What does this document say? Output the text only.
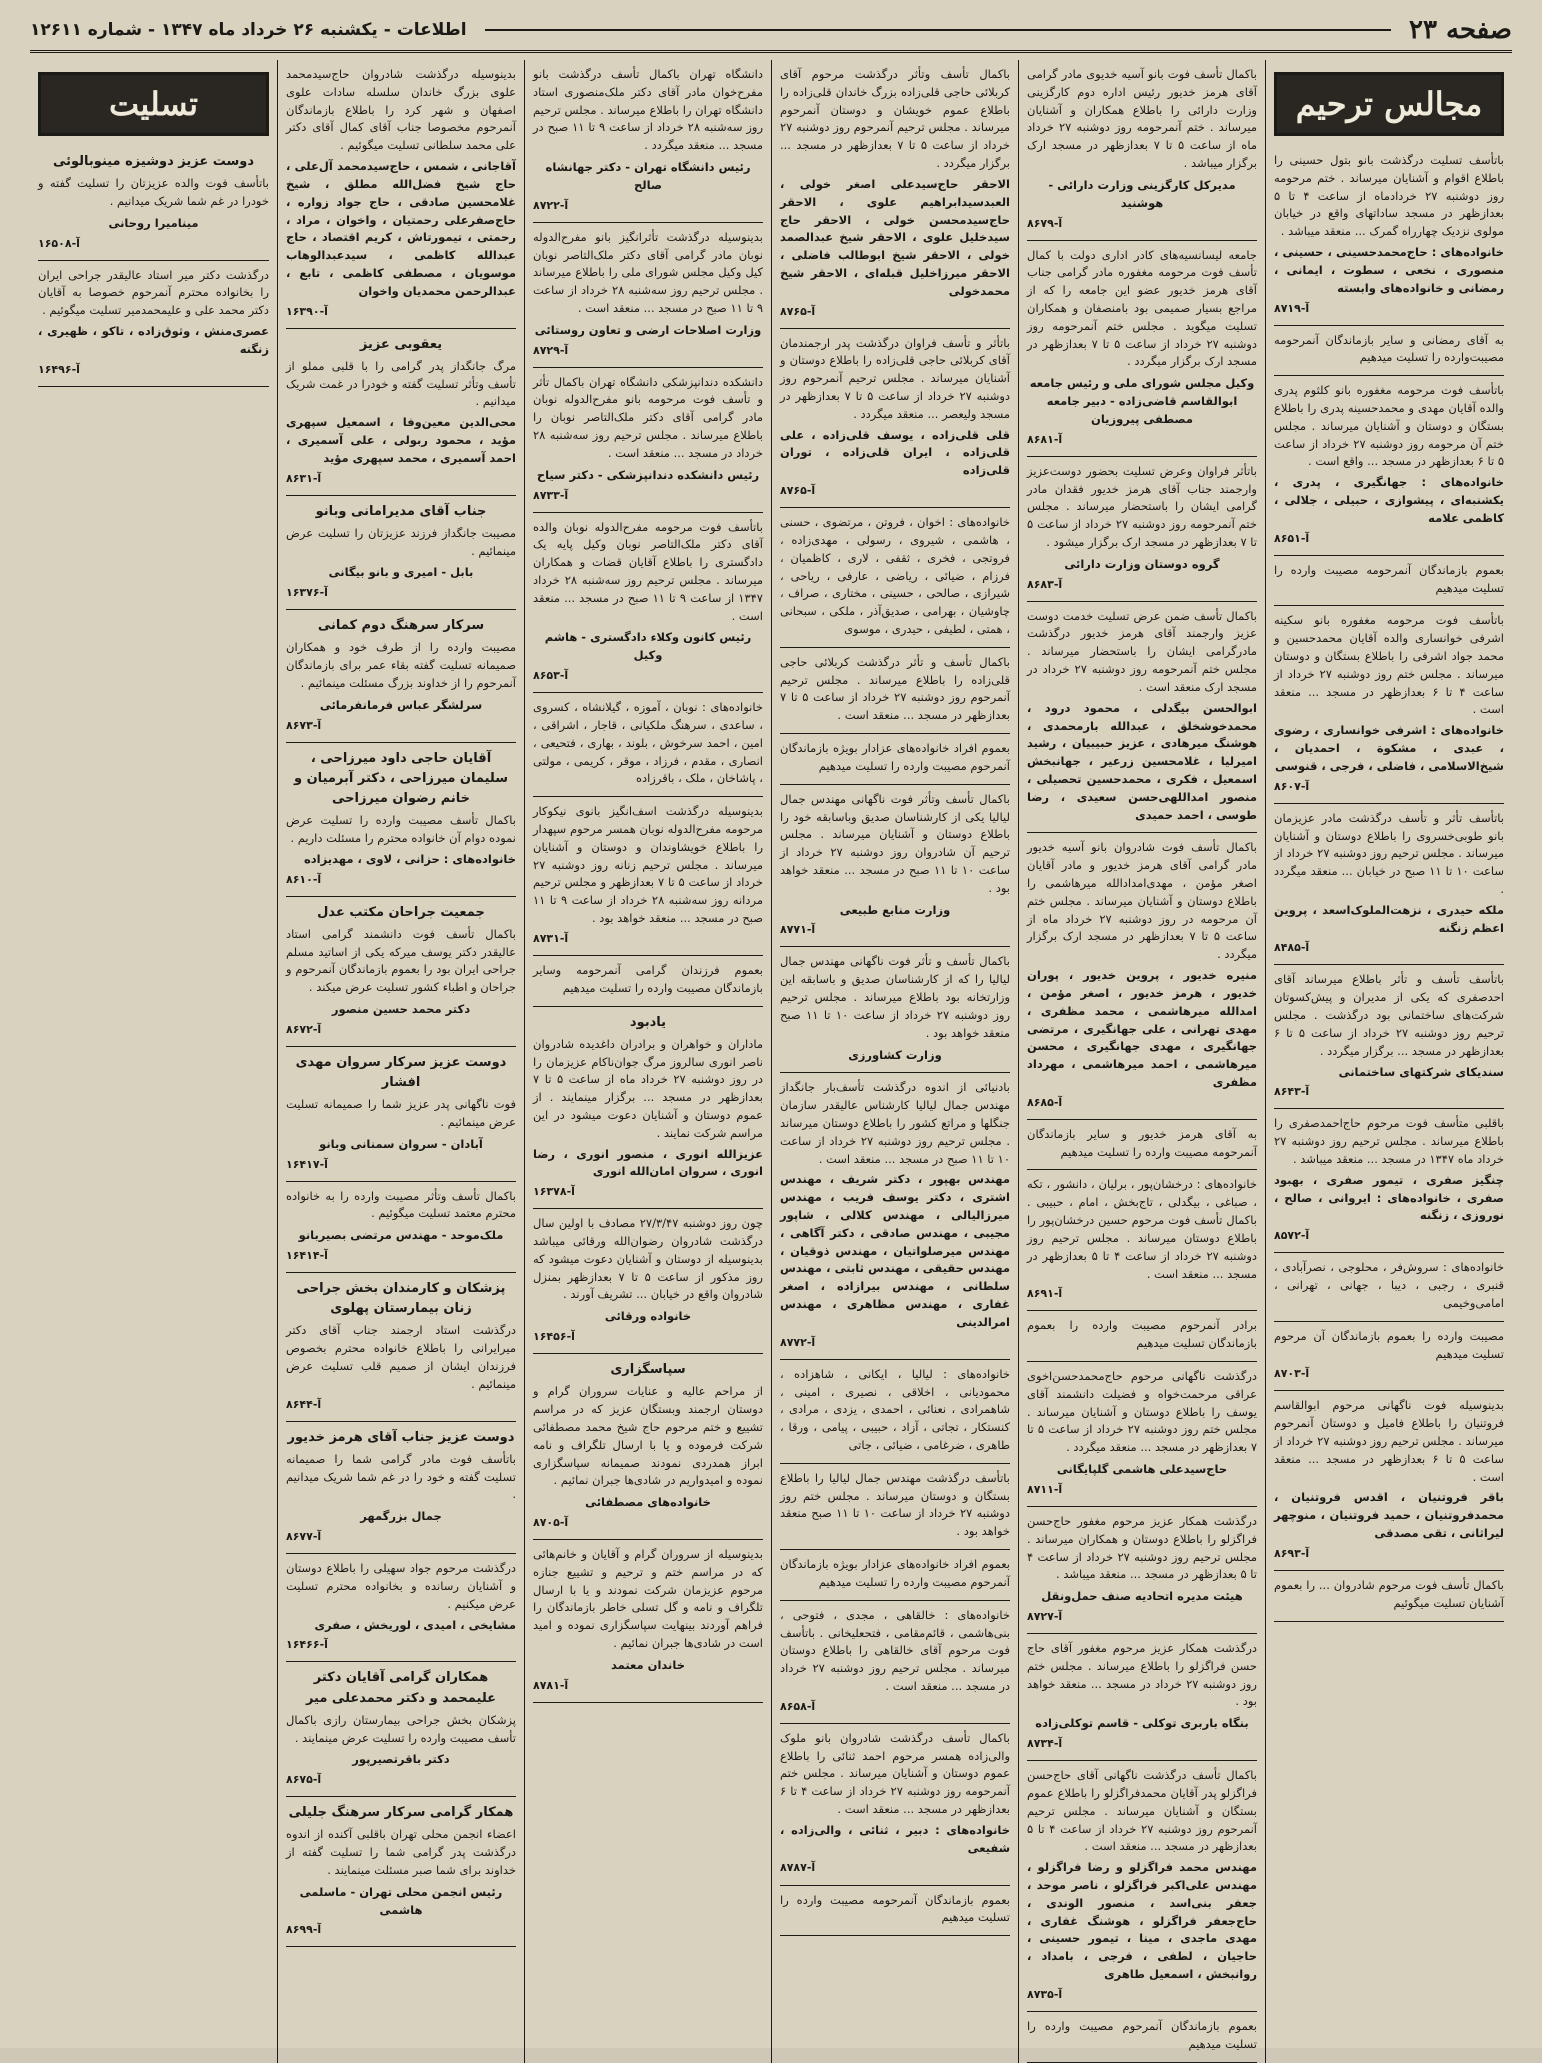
صفحه ۲۳
اطلاعات - یکشنبه ۲۶ خرداد ماه ۱۳۴۷ - شماره ۱۲۶۱۱
مجالس ترحیم
باتأسف تسلیت درگذشت بانو بتول حسینی را باطلاع اقوام و آشنایان میرساند . ختم مرحومه روز دوشنبه ۲۷ خردادماه از ساعت ۴ تا ۵ بعدازظهر در مسجد ساداتهای واقع در خیابان مولوی نزدیک چهارراه گمرک ... منعقد میباشد .
خانواده‌های : حاج‌محمدحسینی ، حسینی ، منصوری ، نخعی ، سطوت ، ایمانی ، رمضانی و خانواده‌های وابسته
آ-۸۷۱۹
به آقای رمضانی و سایر بازماندگان آنمرحومه مصیبت‌وارده را تسلیت میدهیم
باتأسف فوت مرحومه مغفوره بانو کلثوم پدری والده آقایان مهدی و محمدحسینه پدری را باطلاع بستگان و دوستان و آشنایان میرساند . مجلس ختم آن مرحومه روز دوشنبه ۲۷ خرداد از ساعت ۵ تا ۶ بعدازظهر در مسجد ... واقع است .
خانواده‌های : جهانگیری ، پدری ، یکشنبه‌ای ، پیشوازی ، حبیلی ، جلالی ، کاظمی علامه
آ-۸۶۵۱
بعموم بازماندگان آنمرحومه مصیبت وارده را تسلیت میدهیم
باتأسف فوت مرحومه مغفوره بانو سکینه اشرفی خوانساری والده آقایان محمدحسین و محمد جواد اشرفی را باطلاع بستگان و دوستان میرساند . مجلس ختم روز دوشنبه ۲۷ خرداد از ساعت ۴ تا ۶ بعدازظهر در مسجد ... منعقد است .
خانواده‌های : اشرفی خوانساری ، رضوی ، عبدی ، مشکوة ، احمدیان ، شیخ‌الاسلامی ، فاضلی ، فرجی ، قنوسی
آ-۸۶۰۷
باتأسف تأثر و تأسف درگذشت مادر عزیزمان بانو طوبی‌خسروی را باطلاع دوستان و آشنایان میرساند . مجلس ترحیم روز دوشنبه ۲۷ خرداد از ساعت ۱۰ تا ۱۱ صبح در خیابان ... منعقد میگردد .
ملکه حیدری ، نزهت‌الملوک‌اسعد ، پروین اعظم زنگنه
آ-۸۴۸۵
باتأسف تأسف و تأثر باطلاع میرساند آقای احدصفری که یکی از مدیران و پیش‌کسوتان شرکت‌های ساختمانی بود درگذشت . مجلس ترحیم روز دوشنبه ۲۷ خرداد از ساعت ۵ تا ۶ بعدازظهر در مسجد ... برگزار میگردد .
سندیکای شرکتهای ساختمانی
آ-۸۶۴۳
باقلبی متأسف فوت مرحوم حاج‌احمدصفری را باطلاع میرساند . مجلس ترحیم روز دوشنبه ۲۷ خرداد ماه ۱۳۴۷ در مسجد ... منعقد میباشد .
چنگیز صفری ، تیمور صفری ، بهبود صفری ، خانواده‌های : ایروانی ، صالح ، نوروزی ، زنگنه
آ-۸۵۷۲
خانواده‌های : سروش‌فر ، محلوجی ، نصرآبادی ، قنبری ، رجبی ، دیبا ، جهانی ، تهرانی ، امامی‌وخیمی
مصیبت وارده را بعموم بازماندگان آن مرحوم تسلیت میدهیم
آ-۸۷۰۳
بدینوسیله فوت ناگهانی مرحوم ابوالقاسم فروتنیان را باطلاع فامیل و دوستان آنمرحوم میرساند . مجلس ترحیم روز دوشنبه ۲۷ خرداد از ساعت ۵ تا ۶ بعدازظهر در مسجد ... منعقد است .
باقر فروتنیان ، اقدس فروتنیان ، محمدفروتنیان ، حمید فروتنیان ، منوچهر لیراثانی ، تقی مصدقی
آ-۸۶۹۳
باکمال تأسف فوت مرحوم شادروان ... را بعموم آشنایان تسلیت میگوئیم
باکمال تأسف فوت بانو آسیه خدیوی مادر گرامی آقای هرمز خدیور رئیس اداره دوم کارگزینی وزارت دارائی را باطلاع همکاران و آشنایان میرساند . ختم آنمرحومه روز دوشنبه ۲۷ خرداد ماه از ساعت ۵ تا ۷ بعدازظهر در مسجد ارک برگزار میباشد .
مدیرکل کارگزینی وزارت دارائی - هوشنید
آ-۸۶۷۹
جامعه لیسانسیه‌های کادر اداری دولت با کمال تأسف فوت مرحومه مغفوره مادر گرامی جناب آقای هرمز خدیور عضو این جامعه را که از مراجع بسیار صمیمی بود بامنصفان و همکاران تسلیت میگوید . مجلس ختم آنمرحومه روز دوشنبه ۲۷ خرداد از ساعت ۵ تا ۷ بعدازظهر در مسجد ارک برگزار میگردد .
وکیل مجلس شورای ملی و رئیس جامعه ابوالقاسم قاضی‌زاده - دبیر جامعه مصطفی پیروزیان
آ-۸۶۸۱
باتأثر فراوان وعرض تسلیت بحضور دوست‌عزیز وارجمند جناب آقای هرمز خدیور فقدان مادر گرامی ایشان را باستحضار میرساند . مجلس ختم آنمرحومه روز دوشنبه ۲۷ خرداد از ساعت ۵ تا ۷ بعدازظهر در مسجد ارک برگزار میشود .
گروه دوستان وزارت دارائی
آ-۸۶۸۳
باکمال تأسف ضمن عرض تسلیت خدمت دوست عزیز وارجمند آقای هرمز خدیور درگذشت مادرگرامی ایشان را باستحضار میرساند . مجلس ختم آنمرحومه روز دوشنبه ۲۷ خرداد در مسجد ارک منعقد است .
ابوالحسن بیگدلی ، محمود درود ، محمدخوشخلق ، عبدالله بارمحمدی ، هوشنگ میرهادی ، عزیز حبیبیان ، رشید امیرلیا ، غلامحسین زرعیر ، جهانبخش اسمعیل ، فکری ، محمدحسین تحصیلی ، منصور امداللهی‌حسن سعیدی ، رضا طوسی ، احمد حمیدی
باکمال تأسف فوت شادروان بانو آسیه خدیور مادر گرامی آقای هرمز خدیور و مادر آقایان اصغر مؤمن ، مهدی‌امدادالله میرهاشمی را باطلاع دوستان و آشنایان میرساند . مجلس ختم آن مرحومه در روز دوشنبه ۲۷ خرداد ماه از ساعت ۵ تا ۷ بعدازظهر در مسجد ارک برگزار میگردد .
منیره خدیور ، پروین خدیور ، پوران خدیور ، هرمز خدیور ، اصغر مؤمن ، امدالله میرهاشمی ، محمد مظفری ، مهدی تهرانی ، علی جهانگیری ، مرتضی جهانگیری ، مهدی جهانگیری ، محسن میرهاشمی ، احمد میرهاشمی ، مهرداد مظفری
آ-۸۶۸۵
به آقای هرمز خدیور و سایر بازماندگان آنمرحومه مصیبت وارده را تسلیت میدهیم
خانواده‌های : درخشان‌پور ، برلیان ، دانشور ، تکه ، صباغی ، بیگدلی ، تاج‌بخش ، امام ، حبیبی . باکمال تأسف فوت مرحوم حسین درخشان‌پور را باطلاع دوستان میرساند . مجلس ترحیم روز دوشنبه ۲۷ خرداد از ساعت ۴ تا ۵ بعدازظهر در مسجد ... منعقد است .
آ-۸۶۹۱
برادر آنمرحوم مصیبت وارده را بعموم بازماندگان تسلیت میدهیم
درگذشت ناگهانی مرحوم حاج‌محمدحسن‌اخوی عراقی مرحمت‌خواه و فضیلت دانشمند آقای یوسف را باطلاع دوستان و آشنایان میرساند . مجلس ختم روز دوشنبه ۲۷ خرداد از ساعت ۵ تا ۷ بعدازظهر در مسجد ... منعقد میگردد .
حاج‌سیدعلی هاشمی گلپایگانی
آ-۸۷۱۱
درگذشت همکار عزیز مرحوم مغفور حاج‌حسن فراگزلو را باطلاع دوستان و همکاران میرساند . مجلس ترحیم روز دوشنبه ۲۷ خرداد از ساعت ۴ تا ۵ بعدازظهر در مسجد ... منعقد میباشد .
هیئت مدیره اتحادیه صنف حمل‌ونقل
آ-۸۷۲۷
درگذشت همکار عزیز مرحوم مغفور آقای حاج حسن فراگزلو را باطلاع میرساند . مجلس ختم روز دوشنبه ۲۷ خرداد در مسجد ... منعقد خواهد بود .
بنگاه باربری توکلی - قاسم توکلی‌زاده
آ-۸۷۳۴
باکمال تأسف درگذشت ناگهانی آقای حاج‌حسن فراگزلو پدر آقایان محمدفراگزلو را باطلاع عموم بستگان و آشنایان میرساند . مجلس ترحیم آنمرحوم روز دوشنبه ۲۷ خرداد از ساعت ۴ تا ۵ بعدازظهر در مسجد ... منعقد است .
مهندس محمد فراگزلو و رضا فراگزلو ، مهندس علی‌اکبر فراگزلو ، ناصر موحد ، جعفر بنی‌اسد ، منصور الوندی ، حاج‌جعفر فراگزلو ، هوشنگ غفاری ، مهدی ماجدی ، مینا ، تیمور حسینی ، حاجیان ، لطفی ، فرجی ، بامداد ، روانبخش ، اسمعیل طاهری
آ-۸۷۳۵
بعموم بازماندگان آنمرحوم مصیبت وارده را تسلیت میدهیم
باکمال تأسف وتأثر درگذشت مرحوم آقای کربلائی حاجی قلی‌زاده بزرگ خاندان قلی‌زاده را باطلاع عموم خویشان و دوستان آنمرحوم میرساند . مجلس ترحیم آنمرحوم روز دوشنبه ۲۷ خرداد از ساعت ۵ تا ۷ بعدازظهر در مسجد ... برگزار میگردد .
الاحقر حاج‌سیدعلی اصغر خولی ، العبدسیدابراهیم علوی ، الاحقر حاج‌سیدمحسن خولی ، الاحقر حاج سیدخلیل علوی ، الاحقر شیخ عبدالصمد خولی ، الاحقر شیخ ابوطالب فاضلی ، الاحقر میرزاخلیل قبله‌ای ، الاحقر شیخ محمدخولی
آ-۸۷۶۵
باتأثر و تأسف فراوان درگذشت پدر ارجمندمان آقای کربلائی حاجی قلی‌زاده را باطلاع دوستان و آشنایان میرساند . مجلس ترحیم آنمرحوم روز دوشنبه ۲۷ خرداد از ساعت ۵ تا ۷ بعدازظهر در مسجد ولیعصر ... منعقد میگردد .
قلی قلی‌زاده ، یوسف قلی‌زاده ، علی قلی‌زاده ، ایران قلی‌زاده ، توران قلی‌زاده
آ-۸۷۶۵
خانواده‌های : اخوان ، فروتن ، مرتضوی ، حسنی ، هاشمی ، شیروی ، رسولی ، مهدی‌زاده ، فروتجی ، فخری ، ثقفی ، لاری ، کاظمیان ، فرزام ، ضیائی ، ریاضی ، عارفی ، ریاحی ، شیرازی ، صالحی ، حسینی ، مختاری ، صراف ، چاوشیان ، بهرامی ، صدیق‌آذر ، ملکی ، سبحانی ، همتی ، لطیفی ، حیدری ، موسوی
باکمال تأسف و تأثر درگذشت کربلائی حاجی قلی‌زاده را باطلاع میرساند . مجلس ترحیم آنمرحوم روز دوشنبه ۲۷ خرداد از ساعت ۵ تا ۷ بعدازظهر در مسجد ... منعقد است .
بعموم افراد خانواده‌های عزادار بویژه بازماندگان آنمرحوم مصیبت وارده را تسلیت میدهیم
باکمال تأسف وتأثر فوت ناگهانی مهندس جمال لیالیا یکی از کارشناسان صدیق وباسابقه خود را باطلاع دوستان و آشنایان میرساند . مجلس ترحیم آن شادروان روز دوشنبه ۲۷ خرداد از ساعت ۱۰ تا ۱۱ صبح در مسجد ... منعقد خواهد بود .
وزارت منابع طبیعی
آ-۸۷۷۱
باکمال تأسف و تأثر فوت ناگهانی مهندس جمال لیالیا را که از کارشناسان صدیق و باسابقه این وزارتخانه بود باطلاع میرساند . مجلس ترحیم روز دوشنبه ۲۷ خرداد از ساعت ۱۰ تا ۱۱ صبح منعقد خواهد بود .
وزارت کشاورزی
بادنیائی از اندوه درگذشت تأسف‌بار جانگداز مهندس جمال لیالیا کارشناس عالیقدر سازمان جنگلها و مراتع کشور را باطلاع دوستان میرساند . مجلس ترحیم روز دوشنبه ۲۷ خرداد از ساعت ۱۰ تا ۱۱ صبح در مسجد ... منعقد است .
مهندس بهپور ، دکتر شریف ، مهندس اشتری ، دکتر یوسف فریب ، مهندس میرزالیالی ، مهندس کلالی ، شاپور مجیبی ، مهندس صادقی ، دکتر آگاهی ، مهندس میرصلواتیان ، مهندس ذوقیان ، مهندس حقیقی ، مهندس ثابتی ، مهندس سلطانی ، مهندس بیرازاده ، اصغر غفاری ، مهندس مظاهری ، مهندس امرالدینی
آ-۸۷۷۲
خانواده‌های : لیالیا ، ایکانی ، شاهزاده ، محمودیانی ، اخلاقی ، نصیری ، امینی ، شاهمرادی ، نعنائی ، احمدی ، یزدی ، مرادی ، کنستکار ، تجاتی ، آزاد ، حبیبی ، پیامی ، ورقا ، طاهری ، ضرغامی ، ضیائی ، جاتی
باتأسف درگذشت مهندس جمال لیالیا را باطلاع بستگان و دوستان میرساند . مجلس ختم روز دوشنبه ۲۷ خرداد از ساعت ۱۰ تا ۱۱ صبح منعقد خواهد بود .
بعموم افراد خانواده‌های عزادار بویژه بازماندگان آنمرحوم مصیبت وارده را تسلیت میدهیم
خانواده‌های : خالقاهی ، مجدی ، فتوحی ، بنی‌هاشمی ، قائم‌مقامی ، فتحعلیخانی . باتأسف فوت مرحوم آقای خالقاهی را باطلاع دوستان میرساند . مجلس ترحیم روز دوشنبه ۲۷ خرداد در مسجد ... منعقد است .
آ-۸۶۵۸
باکمال تأسف درگذشت شادروان بانو ملوک والی‌زاده همسر مرحوم احمد ثنائی را باطلاع عموم دوستان و آشنایان میرساند . مجلس ختم آنمرحومه روز دوشنبه ۲۷ خرداد از ساعت ۴ تا ۶ بعدازظهر در مسجد ... منعقد است .
خانواده‌های : دبیر ، ثنائی ، والی‌زاده ، شفیعی
آ-۸۷۸۷
بعموم بازماندگان آنمرحومه مصیبت وارده را تسلیت میدهیم
دانشگاه تهران باکمال تأسف درگذشت بانو مفرح‌خوان مادر آقای دکتر ملک‌منصوری استاد دانشگاه تهران را باطلاع میرساند . مجلس ترحیم روز سه‌شنبه ۲۸ خرداد از ساعت ۹ تا ۱۱ صبح در مسجد ... منعقد میگردد .
رئیس دانشگاه تهران - دکتر جهانشاه صالح
آ-۸۷۲۲
بدینوسیله درگذشت تأثرانگیز بانو مفرح‌الدوله نوبان مادر گرامی آقای دکتر ملک‌التاصر نوبان کیل وکیل مجلس شورای ملی را باطلاع میرساند . مجلس ترحیم روز سه‌شنبه ۲۸ خرداد از ساعت ۹ تا ۱۱ صبح در مسجد ... منعقد است .
وزارت اصلاحات ارضی و تعاون روستائی
آ-۸۷۲۹
دانشکده دندانپزشکی دانشگاه تهران باکمال تأثر و تأسف فوت مرحومه بانو مفرح‌الدوله نوبان مادر گرامی آقای دکتر ملک‌التاصر نوبان را باطلاع میرساند . مجلس ترحیم روز سه‌شنبه ۲۸ خرداد در مسجد ... منعقد است .
رئیس دانشکده دندانپزشکی - دکتر سیاح
آ-۸۷۳۳
باتأسف فوت مرحومه مفرح‌الدوله نوبان والده آقای دکتر ملک‌التاصر نوبان وکیل پایه یک دادگستری را باطلاع آقایان قضات و همکاران میرساند . مجلس ترحیم روز سه‌شنبه ۲۸ خرداد ۱۳۴۷ از ساعت ۹ تا ۱۱ صبح در مسجد ... منعقد است .
رئیس کانون وکلاء دادگستری - هاشم وکیل
آ-۸۶۵۳
خانواده‌های : نوبان ، آموزه ، گیلانشاه ، کسروی ، ساعدی ، سرهنگ ملکیانی ، قاجار ، اشراقی ، امین ، احمد سرخوش ، بلوند ، بهاری ، فتحیعی ، انصاری ، مقدم ، فرزاد ، موقر ، کریمی ، مولتی ، پاشاخان ، ملک ، باقرزاده
بدینوسیله درگذشت اسف‌انگیز بانوی نیکوکار مرحومه مفرح‌الدوله نوبان همسر مرحوم سپهدار را باطلاع خویشاوندان و دوستان و آشنایان میرساند . مجلس ترحیم زنانه روز دوشنبه ۲۷ خرداد از ساعت ۵ تا ۷ بعدازظهر و مجلس ترحیم مردانه روز سه‌شنبه ۲۸ خرداد از ساعت ۹ تا ۱۱ صبح در مسجد ... منعقد خواهد بود .
آ-۸۷۳۱
بعموم فرزندان گرامی آنمرحومه وسایر بازماندگان مصیبت وارده را تسلیت میدهیم
یادبود
ماداران و خواهران و برادران داغدیده شادروان ناصر انوری سالروز مرگ جوان‌ناکام عزیزمان را در روز دوشنبه ۲۷ خرداد ماه از ساعت ۵ تا ۷ بعدازظهر در مسجد ... برگزار مینمایند . از عموم دوستان و آشنایان دعوت میشود در این مراسم شرکت نمایند .
عزیزالله انوری ، منصور انوری ، رضا انوری ، سروان امان‌الله انوری
آ-۱۶۳۷۸
چون روز دوشنبه ۲۷/۳/۴۷ مصادف با اولین سال درگذشت شادروان رضوان‌الله ورقائی میباشد بدینوسیله از دوستان و آشنایان دعوت میشود که روز مذکور از ساعت ۵ تا ۷ بعدازظهر بمنزل شادروان واقع در خیابان ... تشریف آورند .
خانواده ورقائی
آ-۱۶۴۵۶
سپاسگزاری
از مراحم عالیه و عنایات سروران گرام و دوستان ارجمند وبستگان عزیز که در مراسم تشییع و ختم مرحوم حاج شیخ محمد مصطفائی شرکت فرموده و یا با ارسال تلگراف و نامه ابراز همدردی نمودند صمیمانه سپاسگزاری نموده و امیدواریم در شادی‌ها جبران نمائیم .
خانواده‌های مصطفائی
آ-۸۷۰۵
بدینوسیله از سروران گرام و آقایان و خانم‌هائی که در مراسم ختم و ترحیم و تشییع جنازه مرحوم عزیزمان شرکت نمودند و یا با ارسال تلگراف و نامه و گل تسلی خاطر بازماندگان را فراهم آوردند بینهایت سپاسگزاری نموده و امید است در شادی‌ها جبران نمائیم .
خاندان معتمد
آ-۸۷۸۱
بدینوسیله درگذشت شادروان حاج‌سیدمحمد علوی بزرگ خاندان سلسله سادات علوی اصفهان و شهر کرد را باطلاع بازماندگان آنمرحوم مخصوصا جناب آقای کمال آقای دکتر علی محمد سلطانی تسلیت میگوئیم .
آقاجانی ، شمس ، حاج‌سیدمحمد آل‌علی ، حاج شیخ فضل‌الله مطلق ، شیخ غلامحسین صادقی ، حاج جواد زواره ، حاج‌صفرعلی رحمتیان ، واخوان ، مراد ، رحمتی ، تیمورتاش ، کریم اقتصاد ، حاج عبدالله کاظمی ، سیدعبدالوهاب موسویان ، مصطفی کاظمی ، تابع ، عبدالرحمن محمدیان واخوان
آ-۱۶۳۹۰
یعقوبی عزیز
مرگ جانگداز پدر گرامی را با قلبی مملو از تأسف وتأثر تسلیت گفته و خودرا در غمت شریک میدانیم .
محی‌الدین معین‌وفا ، اسمعیل سپهری مؤید ، محمود ربولی ، علی آسمیری ، احمد آسمیری ، محمد سپهری مؤید
آ-۸۶۳۱
جناب آقای مدیرامانی وبانو
مصیبت جانگداز فرزند عزیزتان را تسلیت عرض مینمائیم .
بابل - امیری و بانو بیگانی
آ-۱۶۳۷۶
سرکار سرهنگ دوم کمانی
مصیبت وارده را از طرف خود و همکاران صمیمانه تسلیت گفته بقاء عمر برای بازماندگان آنمرحوم را از خداوند بزرگ مسئلت مینمائیم .
سرلشگر عباس فرمانفرمائی
آ-۸۶۷۳
آقایان حاجی داود میرزاحی ، سلیمان میرزاحی ، دکتر آبرمیان و خانم رضوان میرزاحی
باکمال تأسف مصیبت وارده را تسلیت عرض نموده دوام آن خانواده محترم را مسئلت داریم .
خانواده‌های : حزانی ، لاوی ، مهدیزاده
آ-۸۶۱۰
جمعیت جراحان مکتب عدل
باکمال تأسف فوت دانشمند گرامی استاد عالیقدر دکتر یوسف میرکه یکی از اساتید مسلم جراحی ایران بود را بعموم بازماندگان آنمرحوم و جراحان و اطباء کشور تسلیت عرض میکند .
دکتر محمد حسین منصور
آ-۸۶۷۲
دوست عزیز سرکار سروان مهدی افشار
فوت ناگهانی پدر عزیز شما را صمیمانه تسلیت عرض مینمائیم .
آبادان - سروان سمنانی وبانو
آ-۱۶۴۱۷
باکمال تأسف وتأثر مصیبت وارده را به خانواده محترم معتمد تسلیت میگوئیم .
ملک‌موحد - مهندس مرتضی بصیربانو
آ-۱۶۴۱۴
پزشکان و کارمندان بخش جراحی زنان بیمارستان پهلوی
درگذشت استاد ارجمند جناب آقای دکتر میرایرانی را باطلاع خانواده محترم بخصوص فرزندان ایشان از صمیم قلب تسلیت عرض مینمائیم .
آ-۸۶۴۴
دوست عزیز جناب آقای هرمز خدیور
باتأسف فوت مادر گرامی شما را صمیمانه تسلیت گفته و خود را در غم شما شریک میدانیم .
جمال بزرگمهر
آ-۸۶۷۷
درگذشت مرحوم جواد سهیلی را باطلاع دوستان و آشنایان رسانده و بخانواده محترم تسلیت عرض میکنیم .
مشایخی ، امیدی ، لوریخش ، صفری
آ-۱۶۴۶۶
همکاران گرامی آقایان دکتر علیمحمد و دکتر محمدعلی میر
پزشکان بخش جراحی بیمارستان رازی باکمال تأسف مصیبت وارده را تسلیت عرض مینمایند .
دکتر باقرتصیرپور
آ-۸۶۷۵
همکار گرامی سرکار سرهنگ جلیلی
اعضاء انجمن محلی تهران باقلبی آکنده از اندوه درگذشت پدر گرامی شما را تسلیت گفته از خداوند برای شما صبر مسئلت مینمایند .
رئیس انجمن محلی تهران - ماسلمی هاشمی
آ-۸۶۹۹
تسلیت
دوست عزیز دوشیزه مینوبالوئی
باتأسف فوت والده عزیزتان را تسلیت گفته و خودرا در غم شما شریک میدانیم .
مینامیرا روحانی
آ-۱۶۵۰۸
درگذشت دکتر میر استاد عالیقدر جراحی ایران را بخانواده محترم آنمرحوم خصوصا به آقایان دکتر محمد علی و علیمحمدمیر تسلیت میگوئیم .
عصری‌منش ، وثوق‌زاده ، تاکو ، ظهیری ، زنگنه
آ-۱۶۴۹۶
